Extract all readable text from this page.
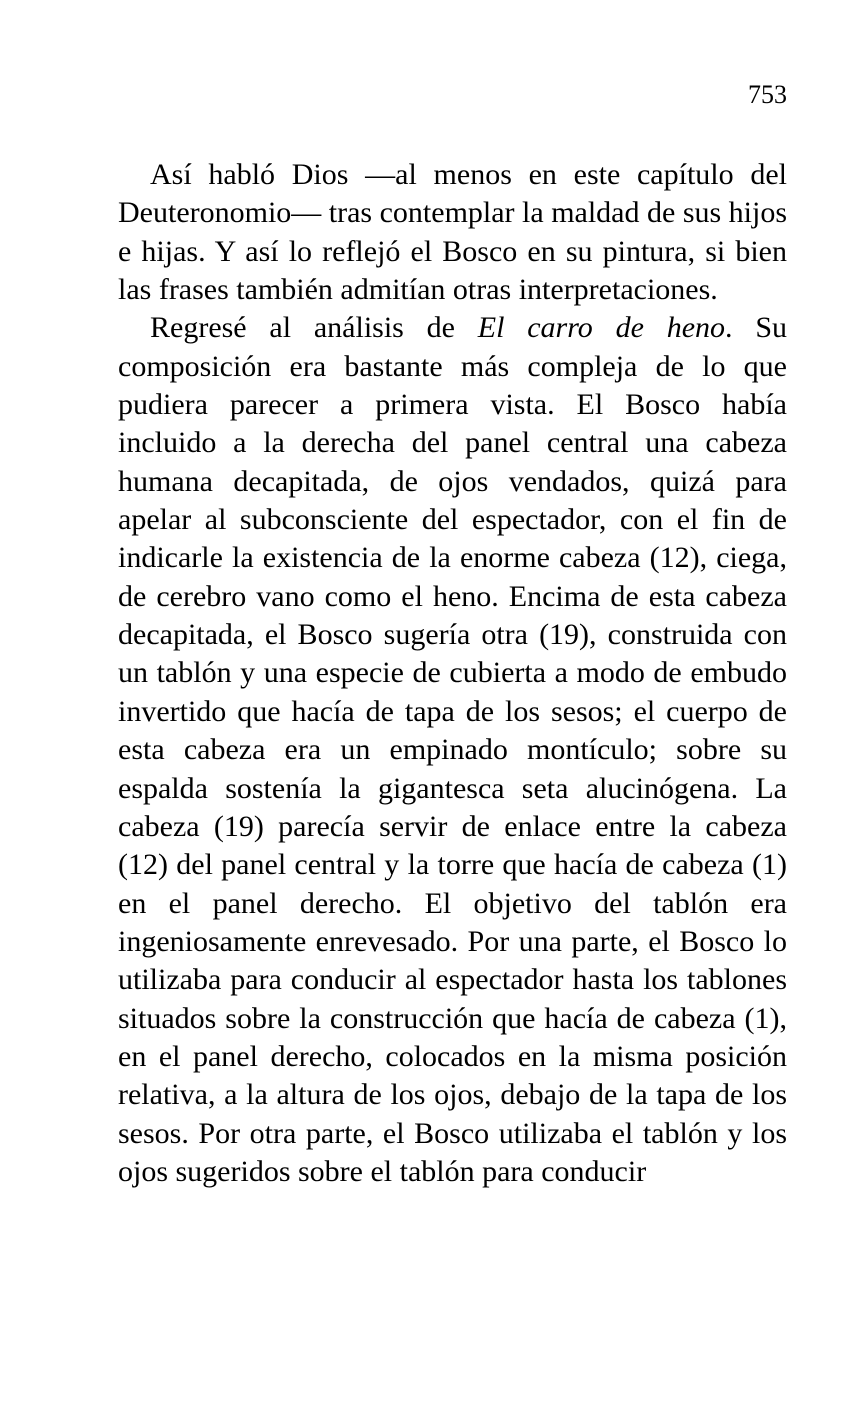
753

Así habló Dios —al menos en este capítulo del Deuteronomio— tras contemplar la maldad de sus hijos e hijas. Y así lo reflejó el Bosco en su pintura, si bien las frases también admitían otras interpretaciones.

Regresé al análisis de El carro de heno. Su composición era bastante más compleja de lo que pudiera parecer a primera vista. El Bosco había incluido a la derecha del panel central una cabeza humana decapitada, de ojos vendados, quizá para apelar al subconsciente del espectador, con el fin de indicarle la existencia de la enorme cabeza (12), ciega, de cerebro vano como el heno. Encima de esta cabeza decapitada, el Bosco sugería otra (19), construida con un tablón y una especie de cubierta a modo de embudo invertido que hacía de tapa de los sesos; el cuerpo de esta cabeza era un empinado montículo; sobre su espalda sostenía la gigantesca seta alucinógena. La cabeza (19) parecía servir de enlace entre la cabeza (12) del panel central y la torre que hacía de cabeza (1) en el panel derecho. El objetivo del tablón era ingeniosamente enrevesado. Por una parte, el Bosco lo utilizaba para conducir al espectador hasta los tablones situados sobre la construcción que hacía de cabeza (1), en el panel derecho, colocados en la misma posición relativa, a la altura de los ojos, debajo de la tapa de los sesos. Por otra parte, el Bosco utilizaba el tablón y los ojos sugeridos sobre el tablón para conducir
